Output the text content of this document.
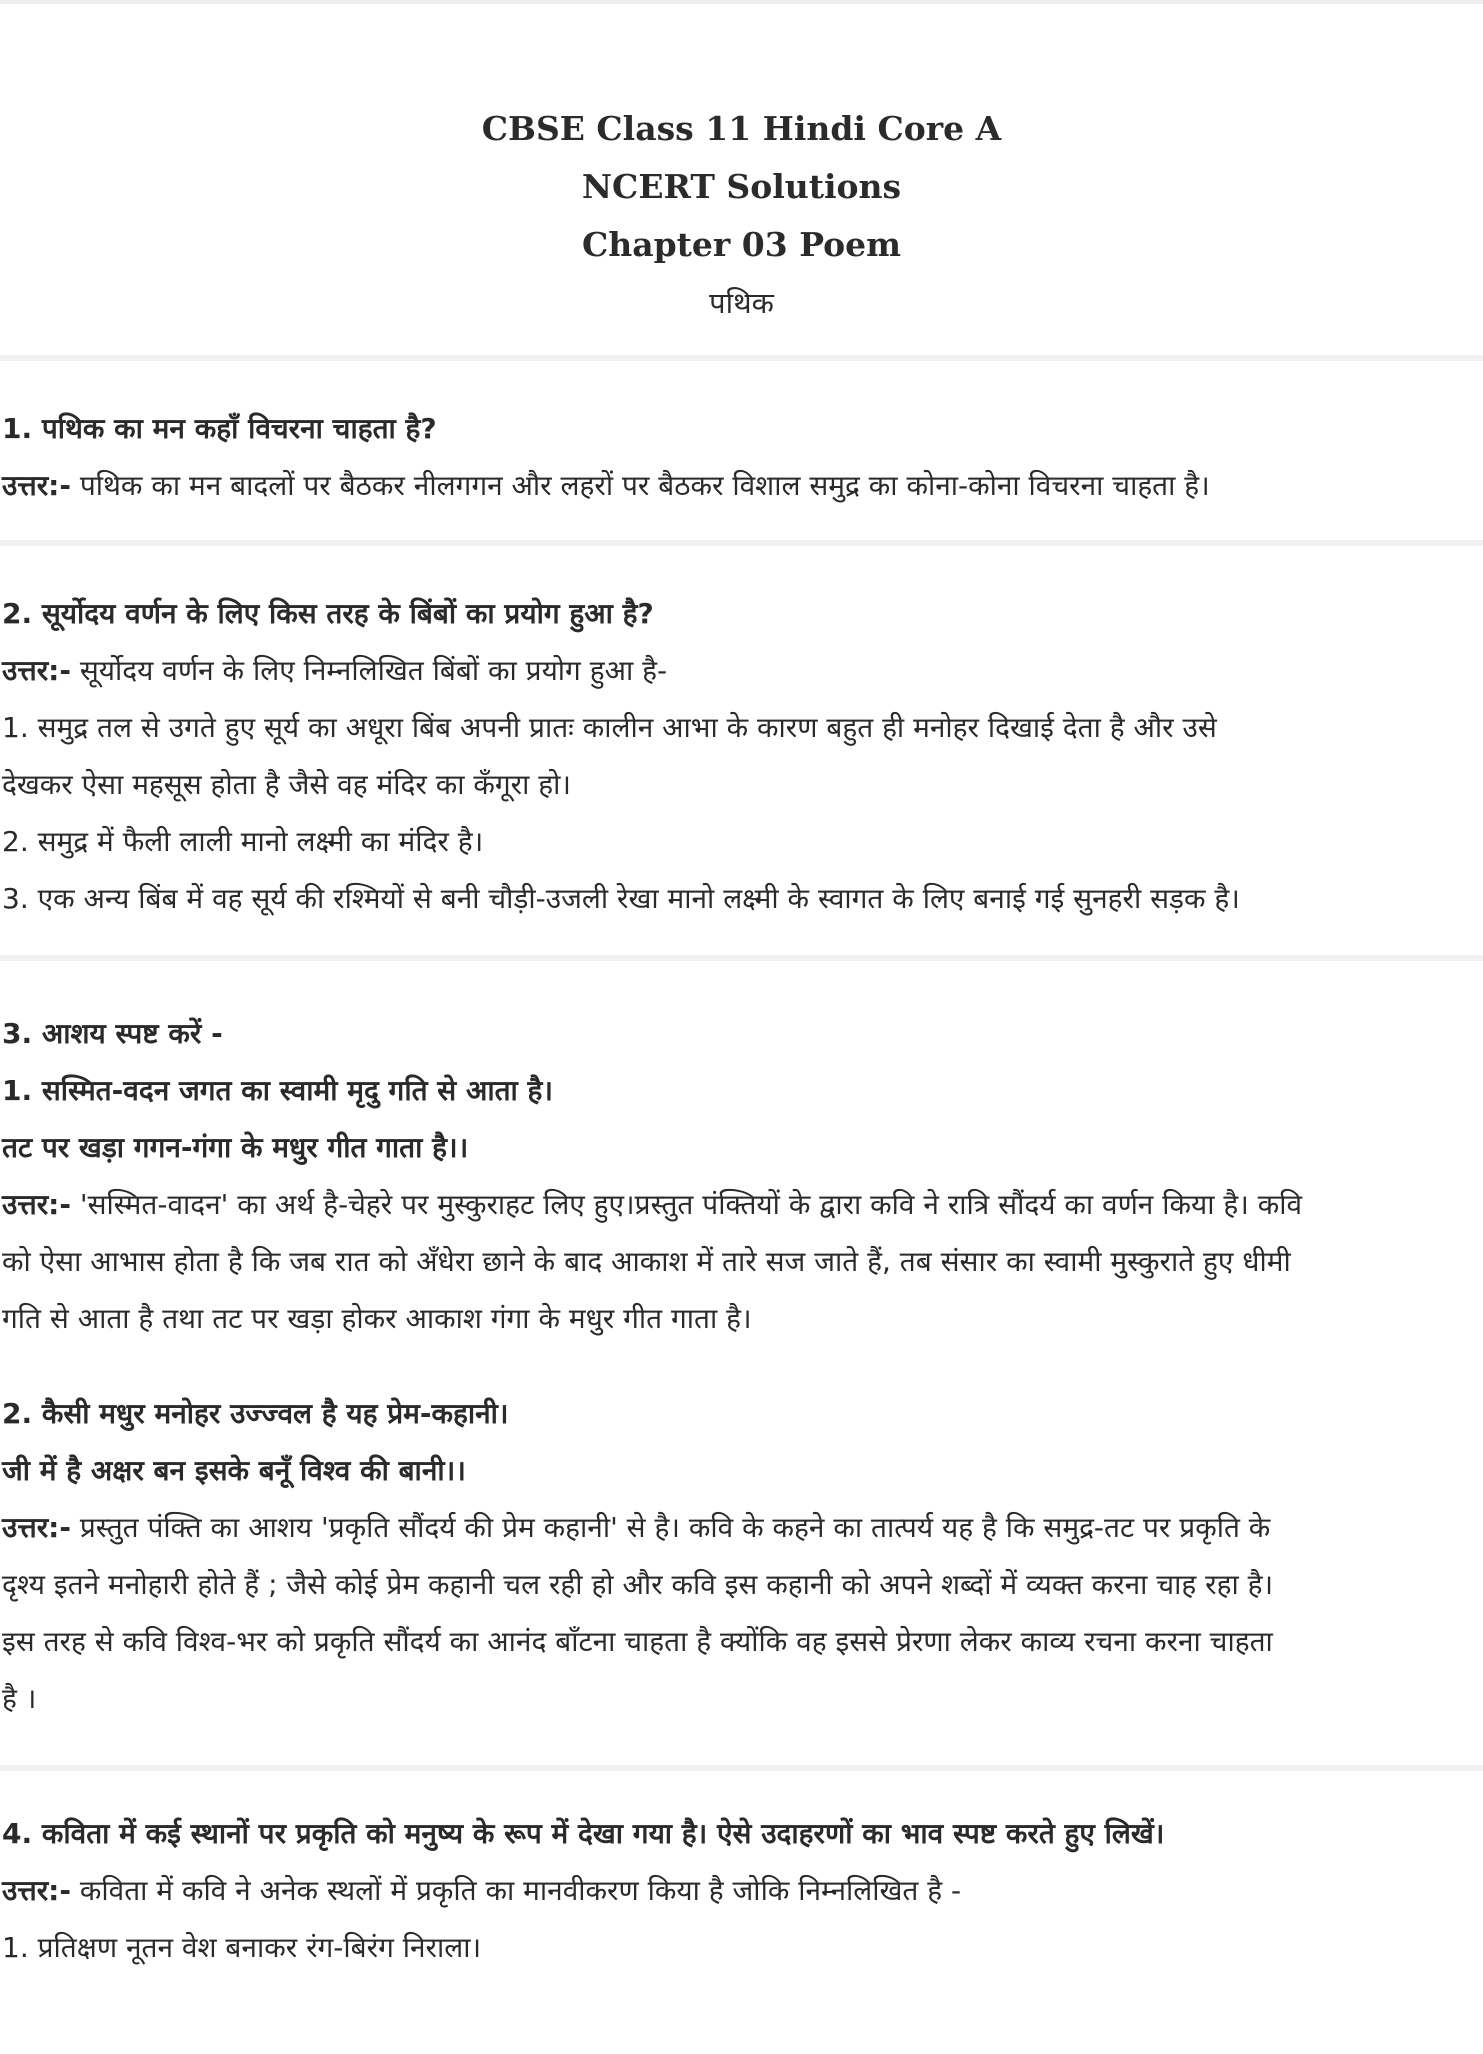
CBSE Class 11 Hindi Core A
NCERT Solutions
Chapter 03 Poem
पथिक
1. पथिक का मन कहाँ विचरना चाहता है?
उत्तर:- पथिक का मन बादलों पर बैठकर नीलगगन और लहरों पर बैठकर विशाल समुद्र का कोना-कोना विचरना चाहता है।
2. सूर्योदय वर्णन के लिए किस तरह के बिंबों का प्रयोग हुआ है?
उत्तर:- सूर्योदय वर्णन के लिए निम्नलिखित बिंबों का प्रयोग हुआ है-
1. समुद्र तल से उगते हुए सूर्य का अधूरा बिंब अपनी प्रातः कालीन आभा के कारण बहुत ही मनोहर दिखाई देता है और उसे
देखकर ऐसा महसूस होता है जैसे वह मंदिर का कँगूरा हो।
2. समुद्र में फैली लाली मानो लक्ष्मी का मंदिर है।
3. एक अन्य बिंब में वह सूर्य की रश्मियों से बनी चौड़ी-उजली रेखा मानो लक्ष्मी के स्वागत के लिए बनाई गई सुनहरी सड़क है।
3. आशय स्पष्ट करें -
1. सस्मित-वदन जगत का स्वामी मृदु गति से आता है।
तट पर खड़ा गगन-गंगा के मधुर गीत गाता है।।
उत्तर:- 'सस्मित-वादन' का अर्थ है-चेहरे पर मुस्कुराहट लिए हुए।प्रस्तुत पंक्तियों के द्वारा कवि ने रात्रि सौंदर्य का वर्णन किया है। कवि
को ऐसा आभास होता है कि जब रात को अँधेरा छाने के बाद आकाश में तारे सज जाते हैं, तब संसार का स्वामी मुस्कुराते हुए धीमी
गति से आता है तथा तट पर खड़ा होकर आकाश गंगा के मधुर गीत गाता है।
2. कैसी मधुर मनोहर उज्ज्वल है यह प्रेम-कहानी।
जी में है अक्षर बन इसके बनूँ विश्व की बानी।।
उत्तर:- प्रस्तुत पंक्ति का आशय 'प्रकृति सौंदर्य की प्रेम कहानी' से है। कवि के कहने का तात्पर्य यह है कि समुद्र-तट पर प्रकृति के
दृश्य इतने मनोहारी होते हैं ; जैसे कोई प्रेम कहानी चल रही हो और कवि इस कहानी को अपने शब्दों में व्यक्त करना चाह रहा है।
इस तरह से कवि विश्व-भर को प्रकृति सौंदर्य का आनंद बाँटना चाहता है क्योंकि वह इससे प्रेरणा लेकर काव्य रचना करना चाहता
है ।
4. कविता में कई स्थानों पर प्रकृति को मनुष्य के रूप में देखा गया है। ऐसे उदाहरणों का भाव स्पष्ट करते हुए लिखें।
उत्तर:- कविता में कवि ने अनेक स्थलों में प्रकृति का मानवीकरण किया है जोकि निम्नलिखित है -
1. प्रतिक्षण नूतन वेश बनाकर रंग-बिरंग निराला।
